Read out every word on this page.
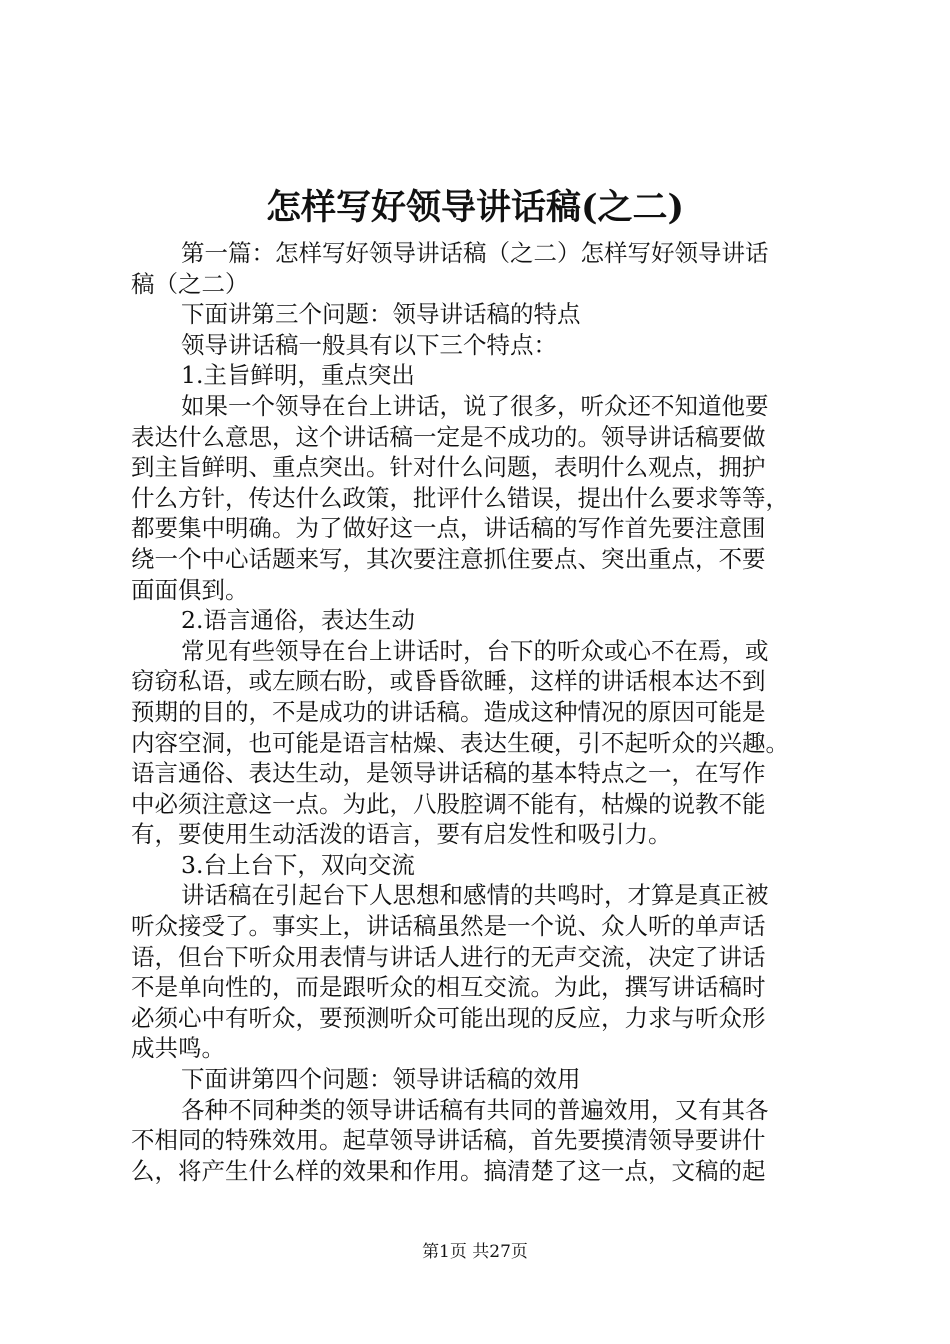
怎样写好领导讲话稿(之二)
第一篇：怎样写好领导讲话稿（之二）怎样写好领导讲话
稿（之二）
下面讲第三个问题：领导讲话稿的特点
领导讲话稿一般具有以下三个特点：
1.主旨鲜明，重点突出
如果一个领导在台上讲话，说了很多，听众还不知道他要
表达什么意思，这个讲话稿一定是不成功的。领导讲话稿要做
到主旨鲜明、重点突出。针对什么问题，表明什么观点，拥护
什么方针，传达什么政策，批评什么错误，提出什么要求等等，
都要集中明确。为了做好这一点，讲话稿的写作首先要注意围
绕一个中心话题来写，其次要注意抓住要点、突出重点，不要
面面俱到。
2.语言通俗，表达生动
常见有些领导在台上讲话时，台下的听众或心不在焉，或
窃窃私语，或左顾右盼，或昏昏欲睡，这样的讲话根本达不到
预期的目的，不是成功的讲话稿。造成这种情况的原因可能是
内容空洞，也可能是语言枯燥、表达生硬，引不起听众的兴趣。
语言通俗、表达生动，是领导讲话稿的基本特点之一，在写作
中必须注意这一点。为此，八股腔调不能有，枯燥的说教不能
有，要使用生动活泼的语言，要有启发性和吸引力。
3.台上台下，双向交流
讲话稿在引起台下人思想和感情的共鸣时，才算是真正被
听众接受了。事实上，讲话稿虽然是一个说、众人听的单声话
语，但台下听众用表情与讲话人进行的无声交流，决定了讲话
不是单向性的，而是跟听众的相互交流。为此，撰写讲话稿时
必须心中有听众，要预测听众可能出现的反应，力求与听众形
成共鸣。
下面讲第四个问题：领导讲话稿的效用
各种不同种类的领导讲话稿有共同的普遍效用，又有其各
不相同的特殊效用。起草领导讲话稿，首先要摸清领导要讲什
么，将产生什么样的效果和作用。搞清楚了这一点，文稿的起
第1页 共27页
